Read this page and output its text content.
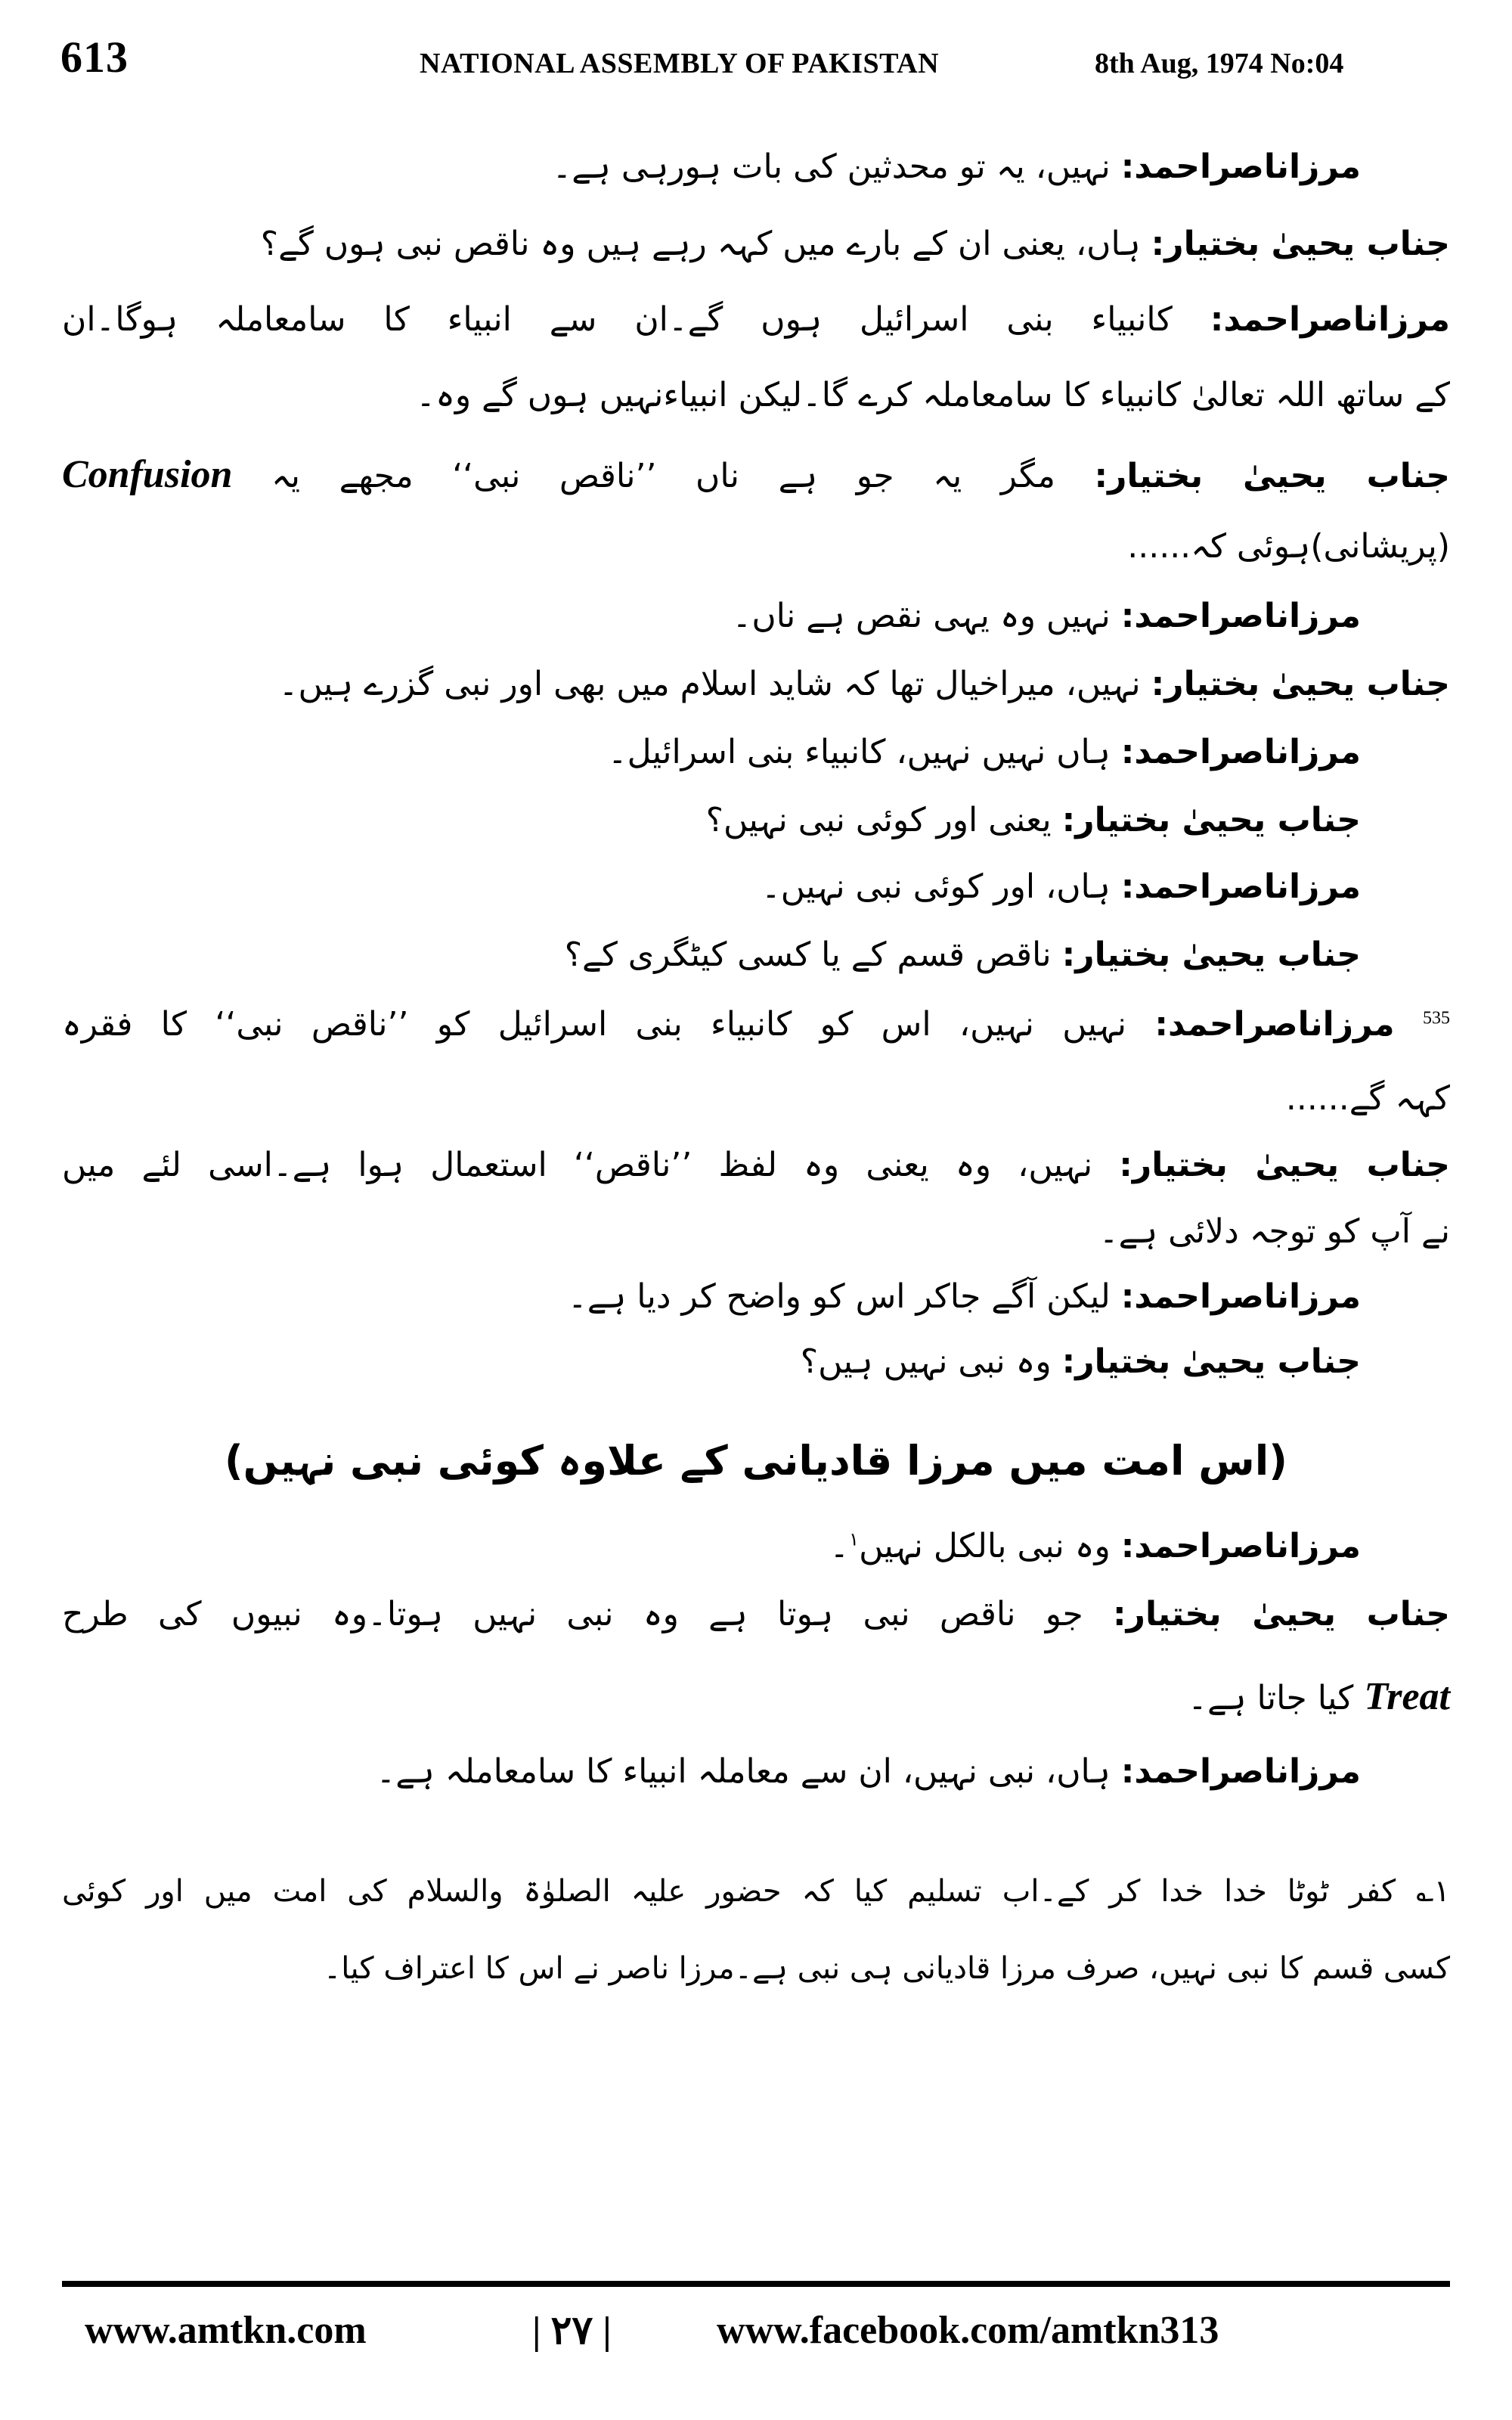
613	NATIONAL ASSEMBLY OF PAKISTAN	8th Aug, 1974 No:04
مرزاناصراحمد: نہیں، یہ تو محدثین کی بات ہورہی ہے۔
جناب یحییٰ بختیار: ہاں، یعنی ان کے بارے میں کہہ رہے ہیں وہ ناقص نبی ہوں گے؟
مرزاناصراحمد: کانبیاء بنی اسرائیل ہوں گے۔ان سے انبیاء کا سامعاملہ ہوگا۔ان
کے ساتھ اللہ تعالیٰ کانبیاء کا سامعاملہ کرے گا۔لیکن انبیاءنہیں ہوں گے وہ۔
جناب یحییٰ بختیار: مگر یہ جو ہے ناں ’’ناقص نبی‘‘ مجھے یہ Confusion
(پریشانی)ہوئی کہ......
مرزاناصراحمد: نہیں وہ یہی نقص ہے ناں۔
جناب یحییٰ بختیار: نہیں، میراخیال تھا کہ شاید اسلام میں بھی اور نبی گزرے ہیں۔
مرزاناصراحمد: ہاں نہیں نہیں، کانبیاء بنی اسرائیل۔
جناب یحییٰ بختیار: یعنی اور کوئی نبی نہیں؟
مرزاناصراحمد: ہاں، اور کوئی نبی نہیں۔
جناب یحییٰ بختیار: ناقص قسم کے یا کسی کیٹگری کے؟
$^{535}$ مرزاناصراحمد: نہیں نہیں، اس کو کانبیاء بنی اسرائیل کو ’’ناقص نبی‘‘ کا فقرہ
کہہ گے......
جناب یحییٰ بختیار: نہیں، وہ یعنی وہ لفظ ’’ناقص‘‘ استعمال ہوا ہے۔اسی لئے میں
نے آپ کو توجہ دلائی ہے۔
مرزاناصراحمد: لیکن آگے جاکر اس کو واضح کر دیا ہے۔
جناب یحییٰ بختیار: وہ نبی نہیں ہیں؟
(اس امت میں مرزا قادیانی کے علاوہ کوئی نبی نہیں)
مرزاناصراحمد: وہ نبی بالکل نہیں$^۱$۔
جناب یحییٰ بختیار: جو ناقص نبی ہوتا ہے وہ نبی نہیں ہوتا۔وہ نبیوں کی طرح
Treat کیا جاتا ہے۔
مرزاناصراحمد: ہاں، نبی نہیں، ان سے معاملہ انبیاء کا سامعاملہ ہے۔
۱؎ کفر ٹوٹا خدا خدا کر کے۔اب تسلیم کیا کہ حضور علیہ الصلوٰۃ والسلام کی امت میں اور کوئی
کسی قسم کا نبی نہیں، صرف مرزا قادیانی ہی نبی ہے۔مرزا ناصر نے اس کا اعتراف کیا۔
www.amtkn.com	| ۲۷ |	www.facebook.com/amtkn313
